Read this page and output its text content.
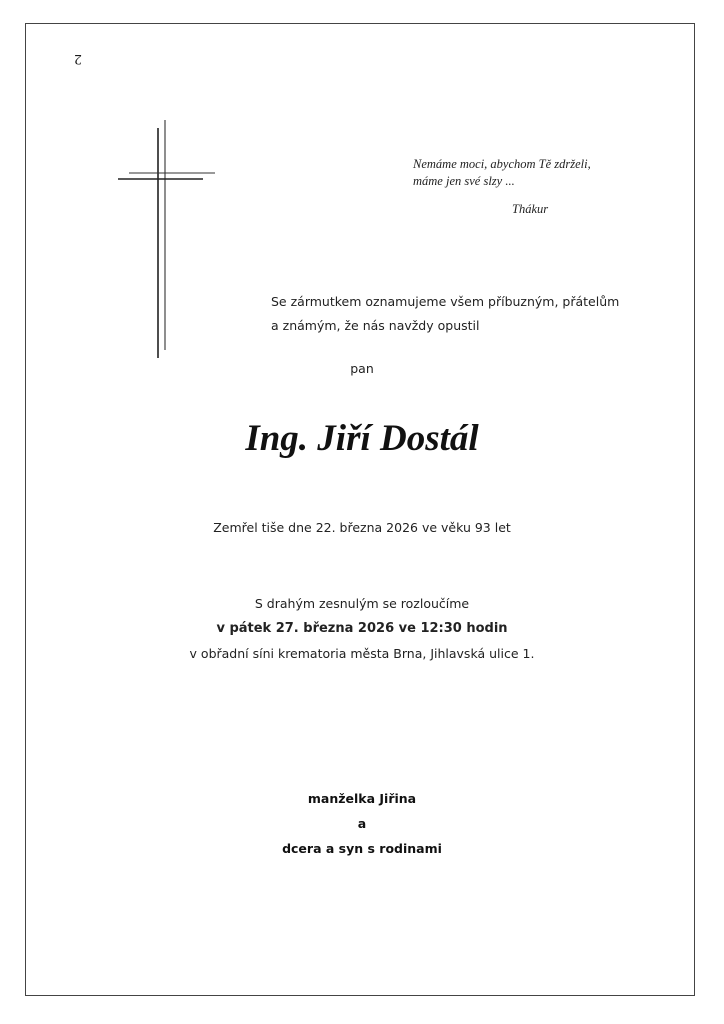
2
Nemáme moci, abychom Tě zdrželi,
máme jen své slzy ...
Thákur
Se zármutkem oznamujeme všem příbuzným, přátelům
a známým, že nás navždy opustil
pan
Ing. Jiří Dostál
Zemřel tiše dne 22. března 2026 ve věku 93 let
S drahým zesnulým se rozloučíme
v pátek 27. března 2026 ve 12:30 hodin
v obřadní síni krematoria města Brna, Jihlavská ulice 1.
manželka Jiřina
a
dcera a syn s rodinami
